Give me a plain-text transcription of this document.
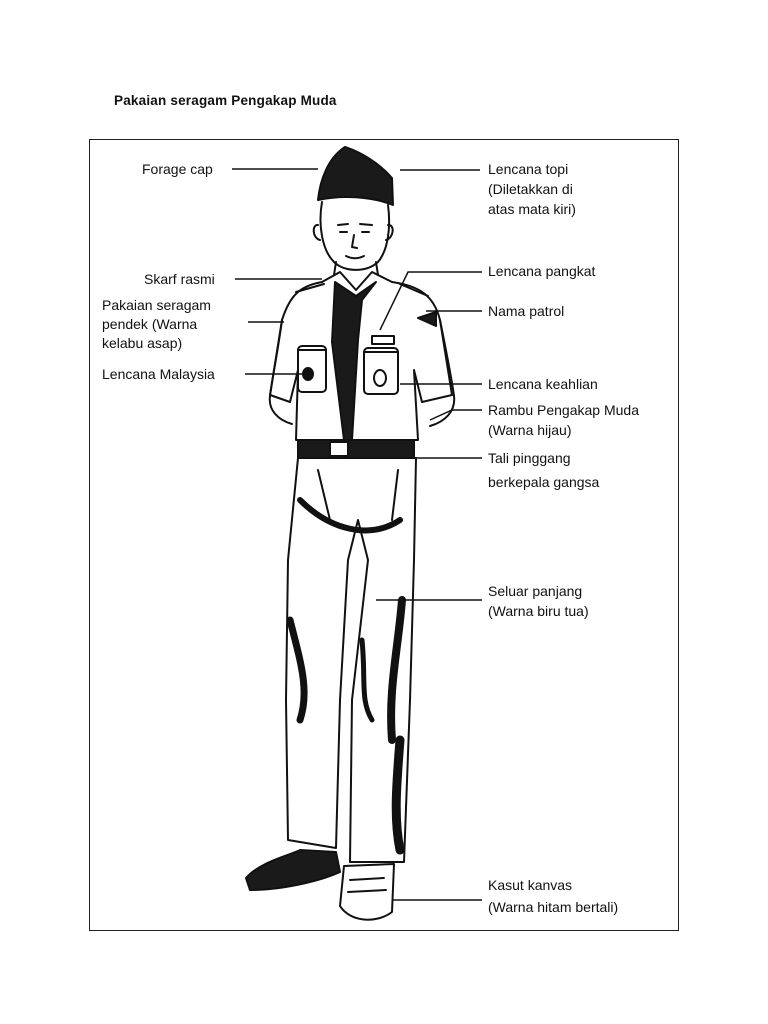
Pakaian seragam Pengakap Muda
Forage cap
Skarf rasmi
Pakaian seragam
pendek (Warna
kelabu asap)
Lencana Malaysia
Lencana topi
(Diletakkan di
atas mata kiri)
Lencana pangkat
Nama patrol
Lencana keahlian
Rambu Pengakap Muda
(Warna hijau)
Tali pinggang
berkepala gangsa
Seluar panjang
(Warna biru tua)
Kasut kanvas
(Warna hitam bertali)
